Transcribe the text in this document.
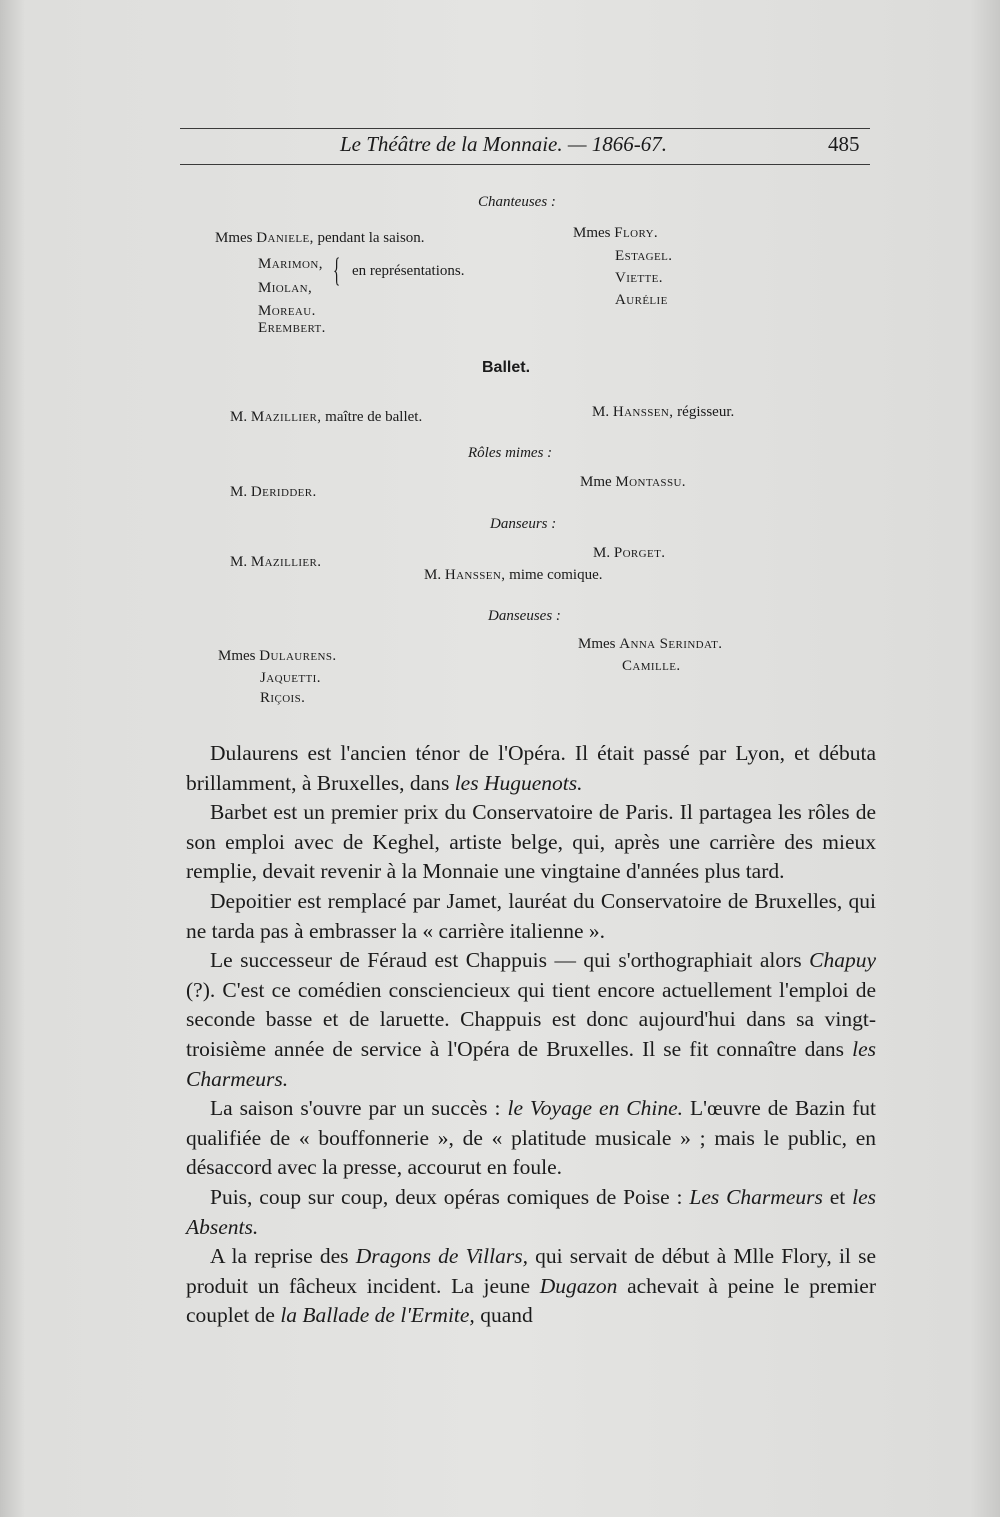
Le Théâtre de la Monnaie. — 1866-67.	485
Chanteuses :
Mmes Daniele, pendant la saison.
Marimon,
Miolan, { en représentations.
Moreau.
Erembert.
Mmes Flory.
Estagel.
Viette.
Aurélie
Ballet.
M. Mazillier, maître de ballet.	M. Hanssen, régisseur.
Rôles mimes :
M. Deridder.
Mme Montassu.
Danseurs :
M. Mazillier.
M. Porget.
M. Hanssen, mime comique.
Danseuses :
Mmes Dulaurens.
Jaquetti.
Riçois.
Mmes Anna Serindat.
Camille.

Dulaurens est l'ancien ténor de l'Opéra. Il était passé par Lyon, et débuta brillamment, à Bruxelles, dans les Huguenots.

Barbet est un premier prix du Conservatoire de Paris. Il partagea les rôles de son emploi avec de Keghel, artiste belge, qui, après une carrière des mieux remplie, devait revenir à la Monnaie une vingtaine d'années plus tard.

Depoitier est remplacé par Jamet, lauréat du Conservatoire de Bruxelles, qui ne tarda pas à embrasser la « carrière italienne ».

Le successeur de Féraud est Chappuis — qui s'orthographiait alors Chapuy (?). C'est ce comédien consciencieux qui tient encore actuellement l'emploi de seconde basse et de laruette. Chappuis est donc aujourd'hui dans sa vingt-troisième année de service à l'Opéra de Bruxelles. Il se fit connaître dans les Charmeurs.

La saison s'ouvre par un succès : le Voyage en Chine. L'œuvre de Bazin fut qualifiée de « bouffonnerie », de « platitude musicale » ; mais le public, en désaccord avec la presse, accourut en foule.

Puis, coup sur coup, deux opéras comiques de Poise : Les Charmeurs et les Absents.

A la reprise des Dragons de Villars, qui servait de début à Mlle Flory, il se produit un fâcheux incident. La jeune Dugazon achevait à peine le premier couplet de la Ballade de l'Ermite, quand
